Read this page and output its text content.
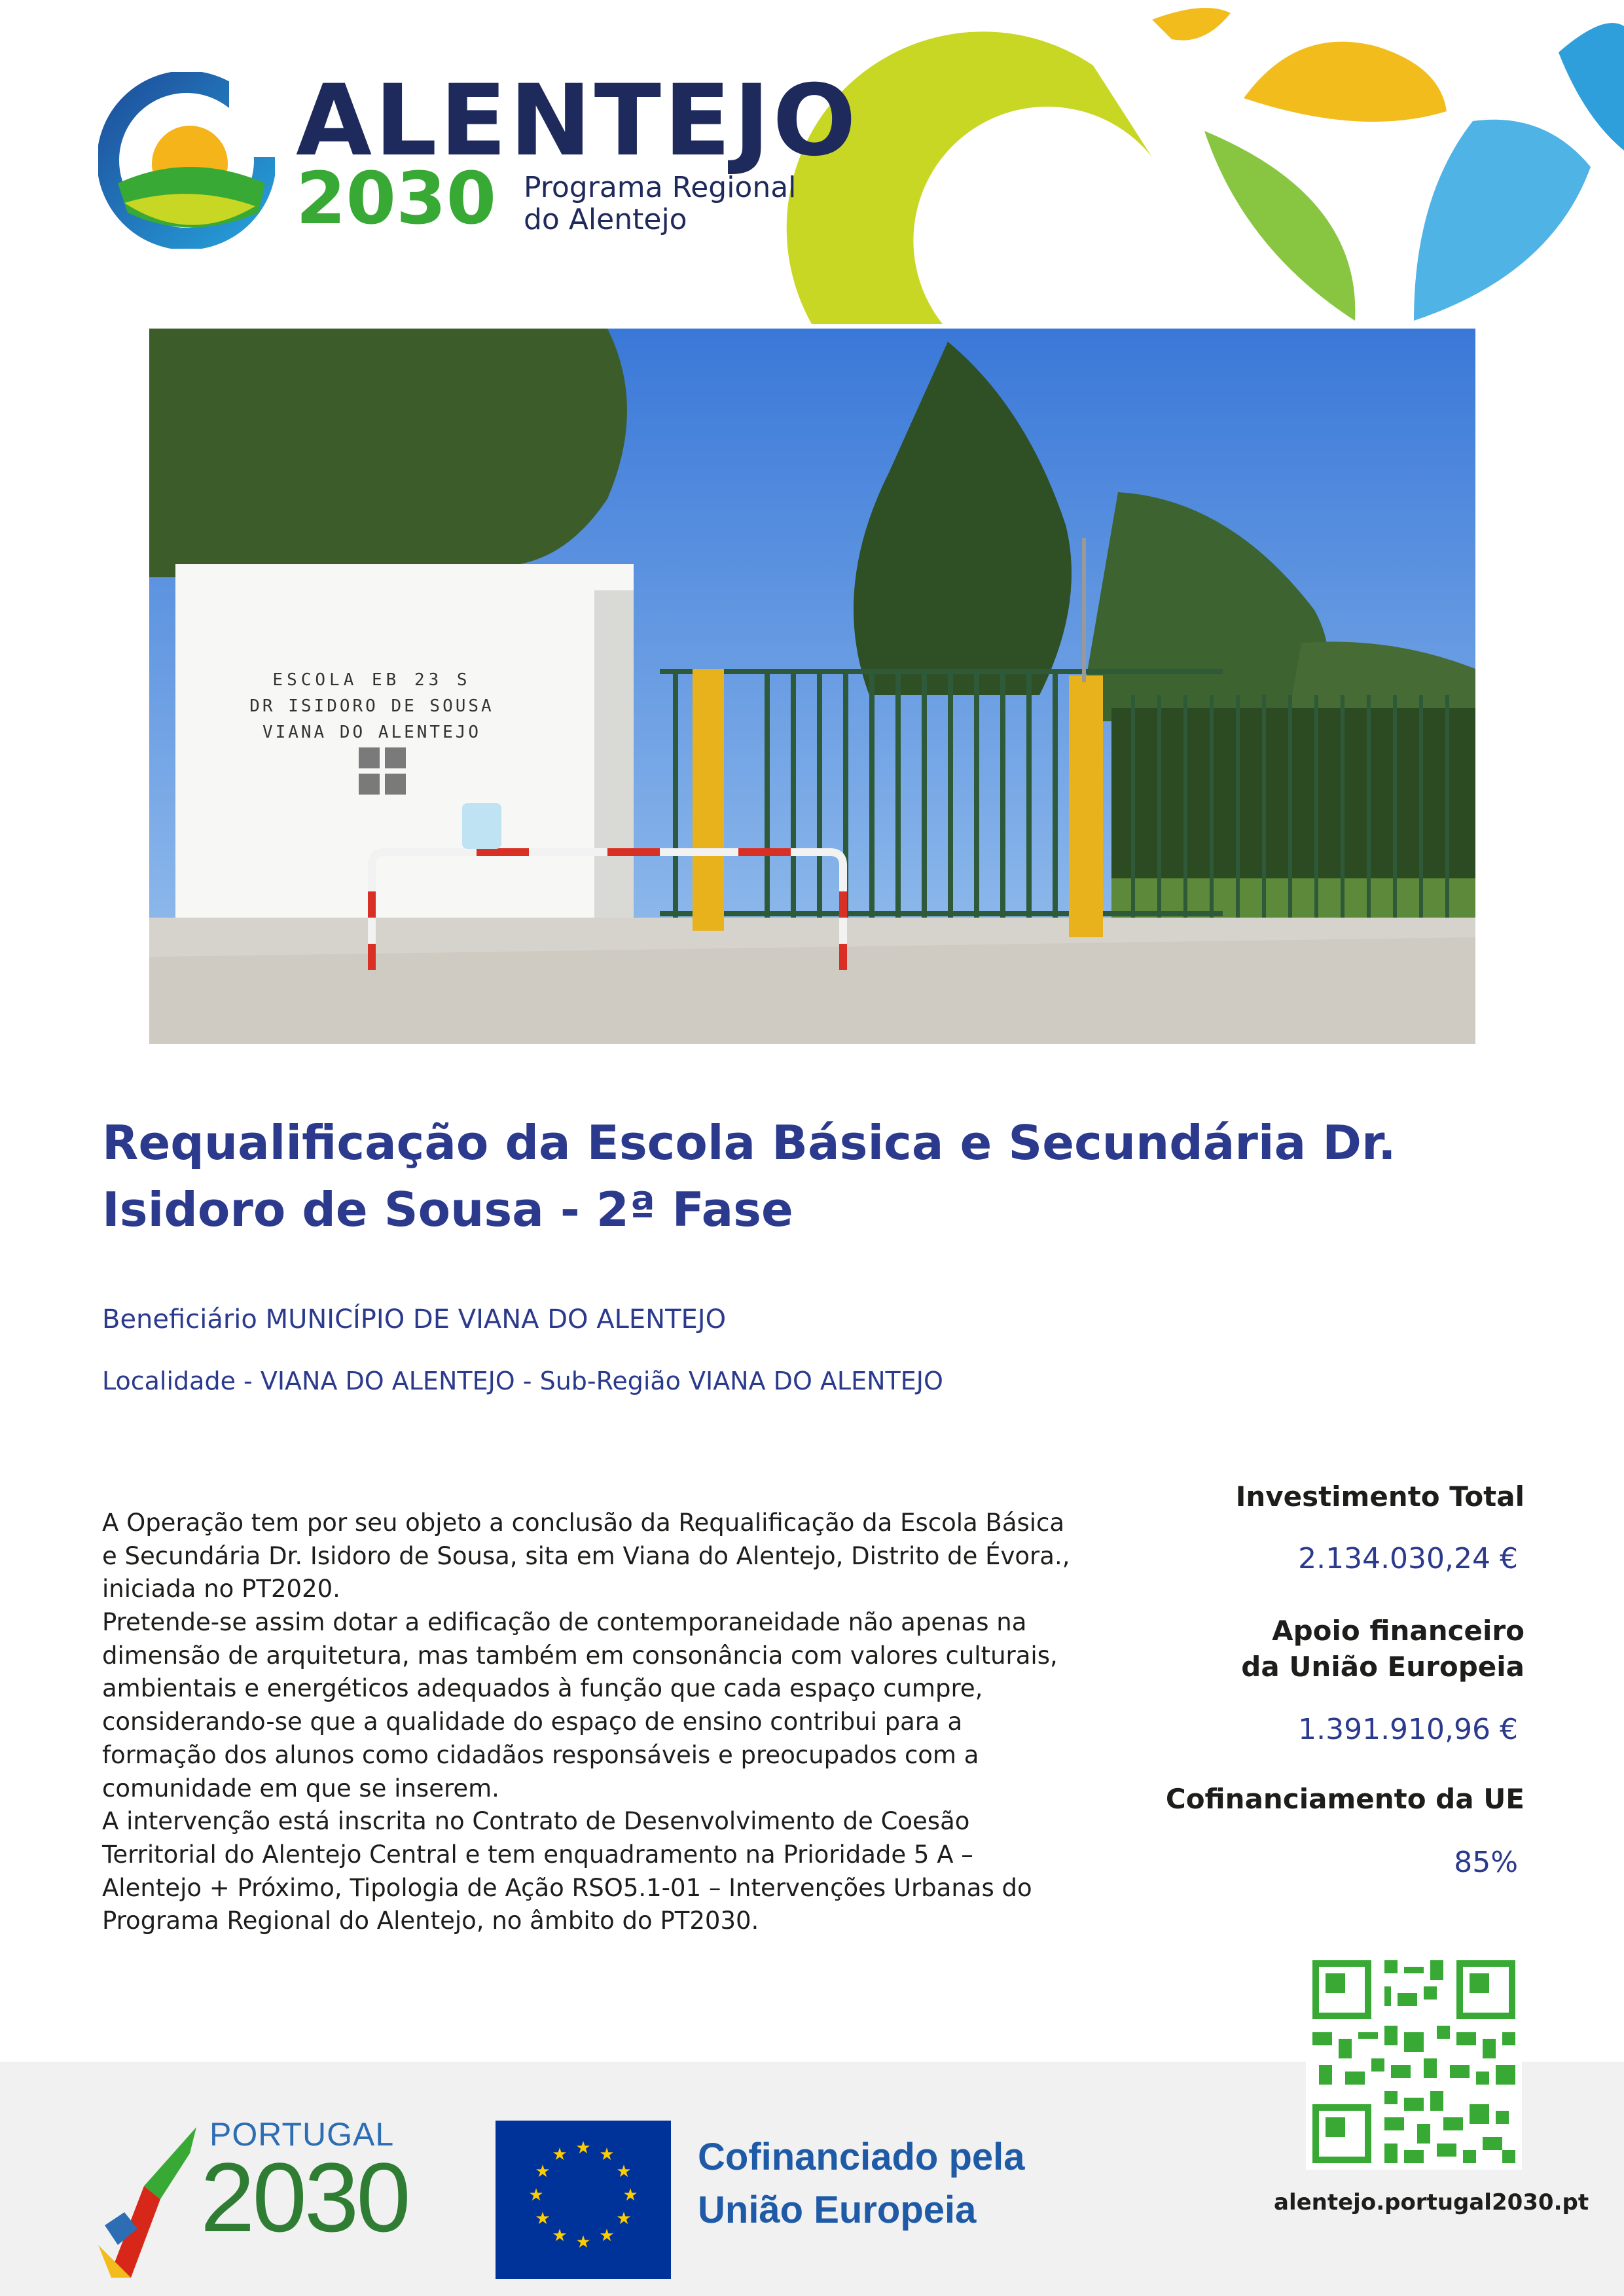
ALENTEJO
2030 Programa Regional
do Alentejo
ESCOLA EB 23 S
DR ISIDORO DE SOUSA
VIANA DO ALENTEJO
Requalificação da Escola Básica e Secundária Dr. Isidoro de Sousa - 2ª Fase
Beneficiário MUNICÍPIO DE VIANA DO ALENTEJO
Localidade - VIANA DO ALENTEJO - Sub-Região VIANA DO ALENTEJO

A Operação tem por seu objeto a conclusão da Requalificação da Escola Básica e Secundária Dr. Isidoro de Sousa, sita em Viana do Alentejo, Distrito de Évora., iniciada no PT2020.

Pretende-se assim dotar a edificação de contemporaneidade não apenas na dimensão de arquitetura, mas também em consonância com valores culturais, ambientais e energéticos adequados à função que cada espaço cumpre, considerando-se que a qualidade do espaço de ensino contribui para a formação dos alunos como cidadãos responsáveis e preocupados com a comunidade em que se inserem.

A intervenção está inscrita no Contrato de Desenvolvimento de Coesão Territorial do Alentejo Central e tem enquadramento na Prioridade 5 A – Alentejo + Próximo, Tipologia de Ação RSO5.1-01 – Intervenções Urbanas do Programa Regional do Alentejo, no âmbito do PT2030.

Investimento Total
2.134.030,24 €
Apoio financeiro
da União Europeia
1.391.910,96 €
Cofinanciamento da UE
85%
alentejo.portugal2030.pt
PORTUGAL
2030	★ ★
★
★
★
★
★
★
★
★
★
★	Cofinanciado pela
União Europeia
